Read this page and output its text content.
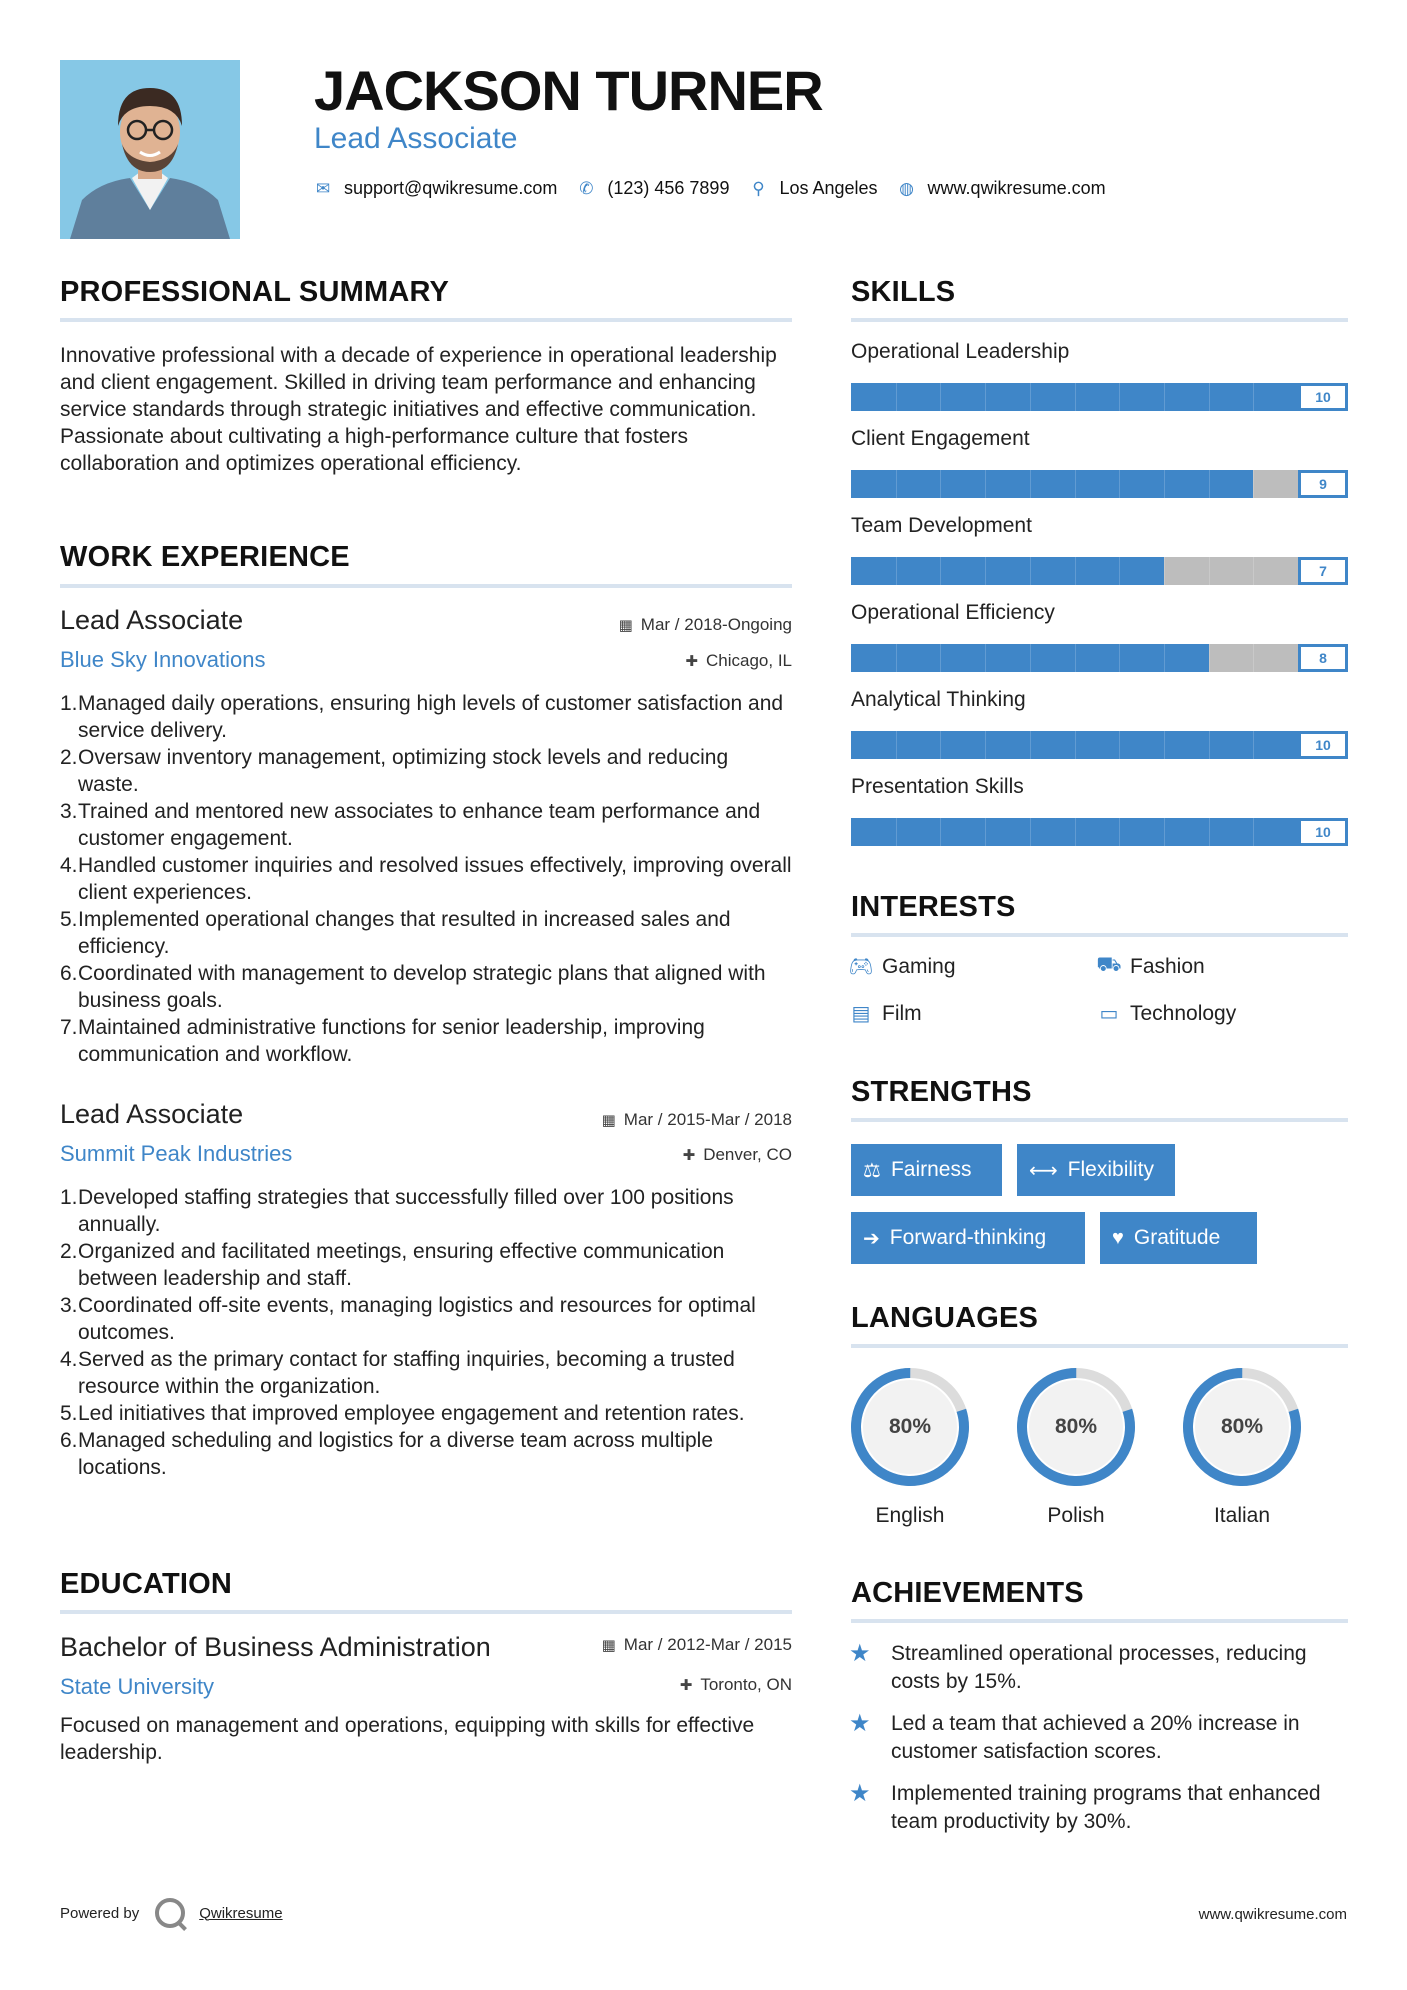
JACKSON TURNER
Lead Associate
✉ support@qwikresume.com ✆ (123) 456 7899 ⚲ Los Angeles ◍ www.qwikresume.com
PROFESSIONAL SUMMARY
Innovative professional with a decade of experience in operational leadership and client engagement. Skilled in driving team performance and enhancing service standards through strategic initiatives and effective communication. Passionate about cultivating a high-performance culture that fosters collaboration and optimizes operational efficiency.
WORK EXPERIENCE
Lead Associate
Blue Sky Innovations
▦ Mar / 2018-Ongoing
✚ Chicago, IL
1. Managed daily operations, ensuring high levels of customer satisfaction and service delivery.
2. Oversaw inventory management, optimizing stock levels and reducing waste.
3. Trained and mentored new associates to enhance team performance and customer engagement.
4. Handled customer inquiries and resolved issues effectively, improving overall client experiences.
5. Implemented operational changes that resulted in increased sales and efficiency.
6. Coordinated with management to develop strategic plans that aligned with business goals.
7. Maintained administrative functions for senior leadership, improving communication and workflow.
Lead Associate
Summit Peak Industries
▦ Mar / 2015-Mar / 2018
✚ Denver, CO
1. Developed staffing strategies that successfully filled over 100 positions annually.
2. Organized and facilitated meetings, ensuring effective communication between leadership and staff.
3. Coordinated off-site events, managing logistics and resources for optimal outcomes.
4. Served as the primary contact for staffing inquiries, becoming a trusted resource within the organization.
5. Led initiatives that improved employee engagement and retention rates.
6. Managed scheduling and logistics for a diverse team across multiple locations.
EDUCATION
Bachelor of Business Administration
State University
▦ Mar / 2012-Mar / 2015
✚ Toronto, ON
Focused on management and operations, equipping with skills for effective leadership.
SKILLS
Operational Leadership
10
Client Engagement
9
Team Development
7
Operational Efficiency
8
Analytical Thinking
10
Presentation Skills
10
INTERESTS
🎮︎ Gaming	⛟ Fashion
▤ Film	▭ Technology
STRENGTHS
⚖ Fairness	⟷ Flexibility
➔ Forward-thinking	♥ Gratitude
LANGUAGES
80%
English
80%
Polish
80%
Italian
ACHIEVEMENTS
★ Streamlined operational processes, reducing costs by 15%.
★ Led a team that achieved a 20% increase in customer satisfaction scores.
★ Implemented training programs that enhanced team productivity by 30%.
Powered by	Qwikresume	www.qwikresume.com
